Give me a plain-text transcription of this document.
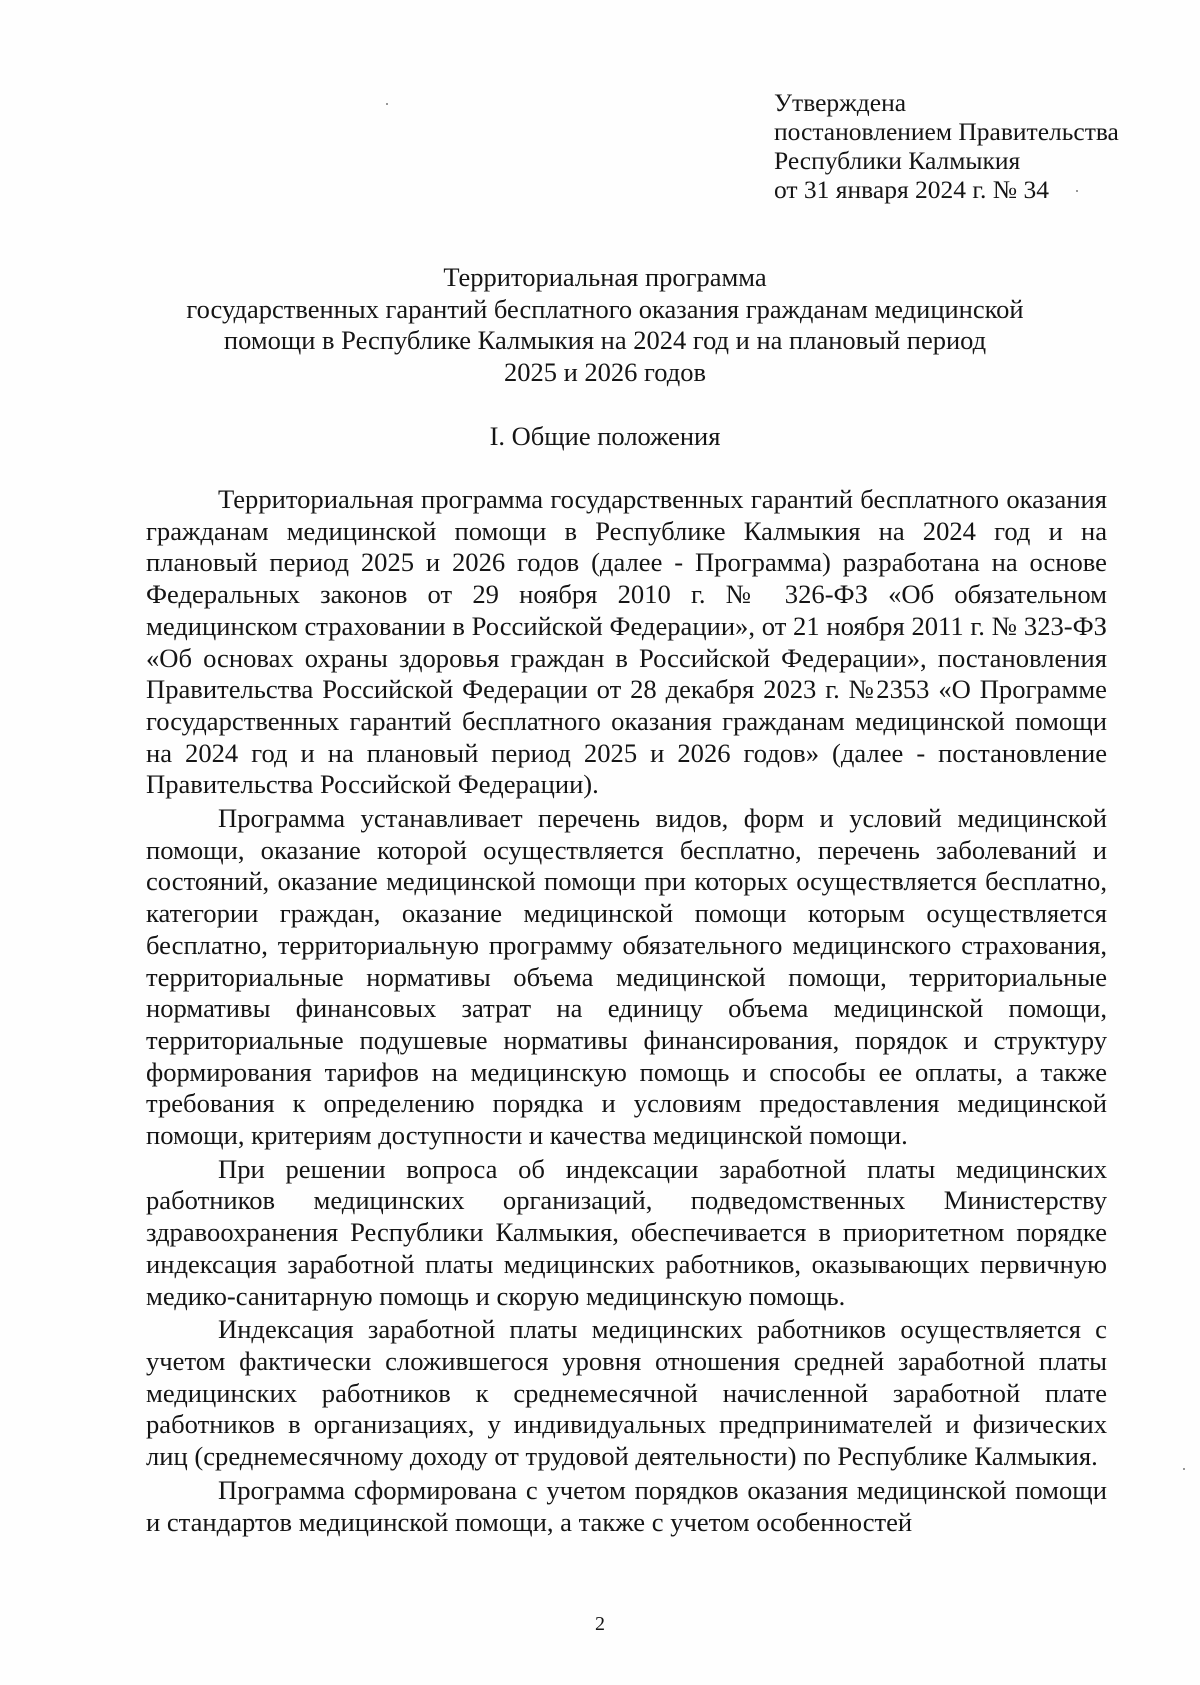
Утверждена
постановлением Правительства
Республики Калмыкия
от 31 января 2024 г. № 34
Территориальная программа
государственных гарантий бесплатного оказания гражданам медицинской
помощи в Республике Калмыкия на 2024 год и на плановый период
2025 и 2026 годов
I. Общие положения

Территориальная программа государственных гарантий бесплатного оказания гражданам медицинской помощи в Республике Калмыкия на 2024 год и на плановый период 2025 и 2026 годов (далее - Программа) разработана на основе Федеральных законов от 29 ноября 2010 г. № 326-ФЗ «Об обязательном медицинском страховании в Российской Федерации», от 21 ноября 2011 г. № 323-ФЗ «Об основах охраны здоровья граждан в Российской Федерации», постановления Правительства Российской Федерации от 28 декабря 2023 г. №2353 «О Программе государственных гарантий бесплатного оказания гражданам медицинской помощи на 2024 год и на плановый период 2025 и 2026 годов» (далее - постановление Правительства Российской Федерации).

Программа устанавливает перечень видов, форм и условий медицинской помощи, оказание которой осуществляется бесплатно, перечень заболеваний и состояний, оказание медицинской помощи при которых осуществляется бесплатно, категории граждан, оказание медицинской помощи которым осуществляется бесплатно, территориальную программу обязательного медицинского страхования, территориальные нормативы объема медицинской помощи, территориальные нормативы финансовых затрат на единицу объема медицинской помощи, территориальные подушевые нормативы финансирования, порядок и структуру формирования тарифов на медицинскую помощь и способы ее оплаты, а также требования к определению порядка и условиям предоставления медицинской помощи, критериям доступности и качества медицинской помощи.

При решении вопроса об индексации заработной платы медицинских работников медицинских организаций, подведомственных Министерству здравоохранения Республики Калмыкия, обеспечивается в приоритетном порядке индексация заработной платы медицинских работников, оказывающих первичную медико-санитарную помощь и скорую медицинскую помощь.

Индексация заработной платы медицинских работников осуществляется с учетом фактически сложившегося уровня отношения средней заработной платы медицинских работников к среднемесячной начисленной заработной плате работников в организациях, у индивидуальных предпринимателей и физических лиц (среднемесячному доходу от трудовой деятельности) по Республике Калмыкия.

Программа сформирована с учетом порядков оказания медицинской помощи и стандартов медицинской помощи, а также с учетом особенностей

2
